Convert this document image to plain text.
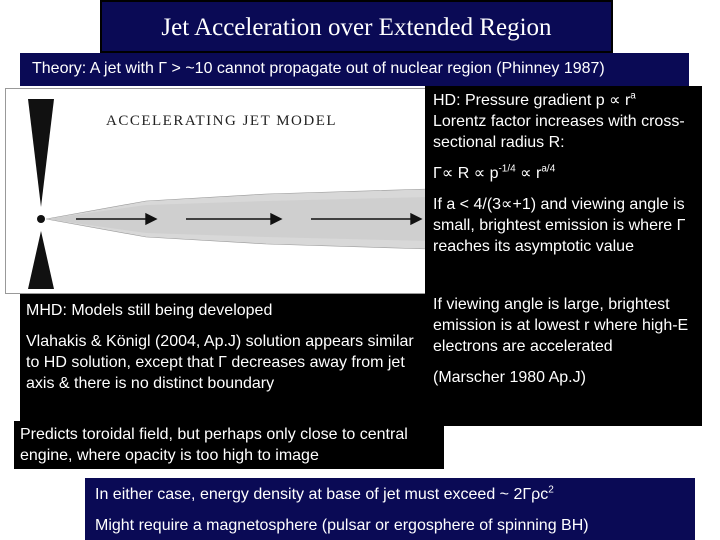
Jet Acceleration over Extended Region
Theory: A jet with Γ > ~10 cannot propagate out of nuclear region (Phinney 1987)
ACCELERATING JET MODEL

HD: Pressure gradient $p \propto r^a$

Lorentz factor increases with cross-sectional radius R:

$\Gamma\propto R \propto p^{-1/4} \propto r^{a/4}$

If a < 4/(3∝+1) and viewing angle is small, brightest emission is where Γ reaches its asymptotic value

If viewing angle is large, brightest emission is at lowest r where high-E electrons are accelerated

(Marscher 1980 Ap.J)

MHD: Models still being developed

Vlahakis & Königl (2004, Ap.J) solution appears similar to HD solution, except that Γ decreases away from jet axis & there is no distinct boundary

Predicts toroidal field, but perhaps only close to central engine, where opacity is too high to image

In either case, energy density at base of jet must exceed ~ 2Γρc$^2$

Might require a magnetosphere (pulsar or ergosphere of spinning BH)
